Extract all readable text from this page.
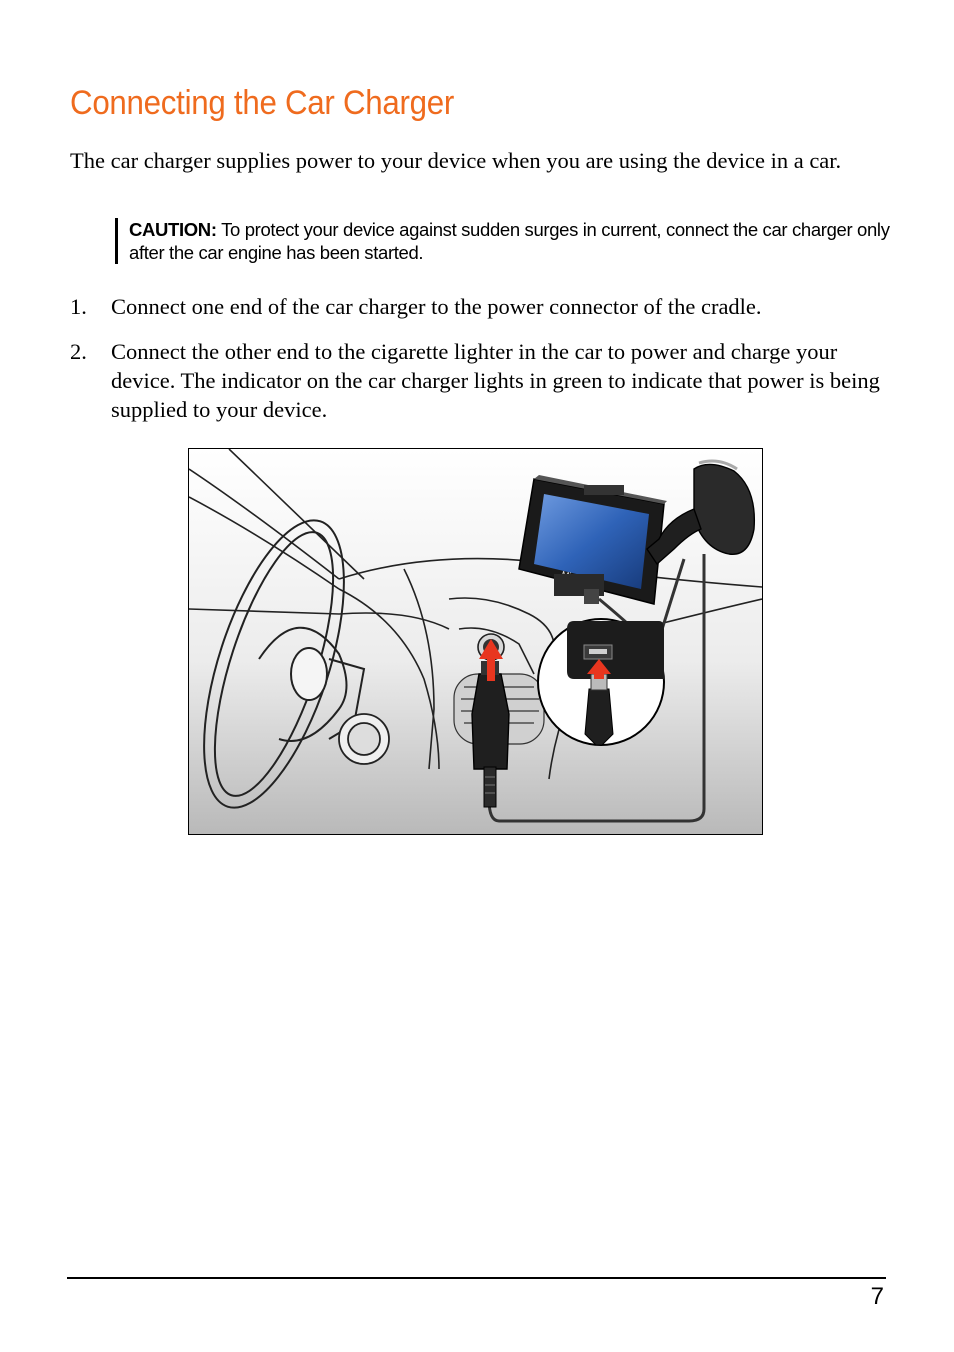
Connecting the Car Charger

The car charger supplies power to your device when you are using the device in a car.

CAUTION: To protect your device against sudden surges in current, connect the car charger only after the car engine has been started.
1. Connect one end of the car charger to the power connector of the cradle.
2. Connect the other end to the cigarette lighter in the car to power and charge your device. The indicator on the car charger lights in green to indicate that power is being supplied to your device.
7
